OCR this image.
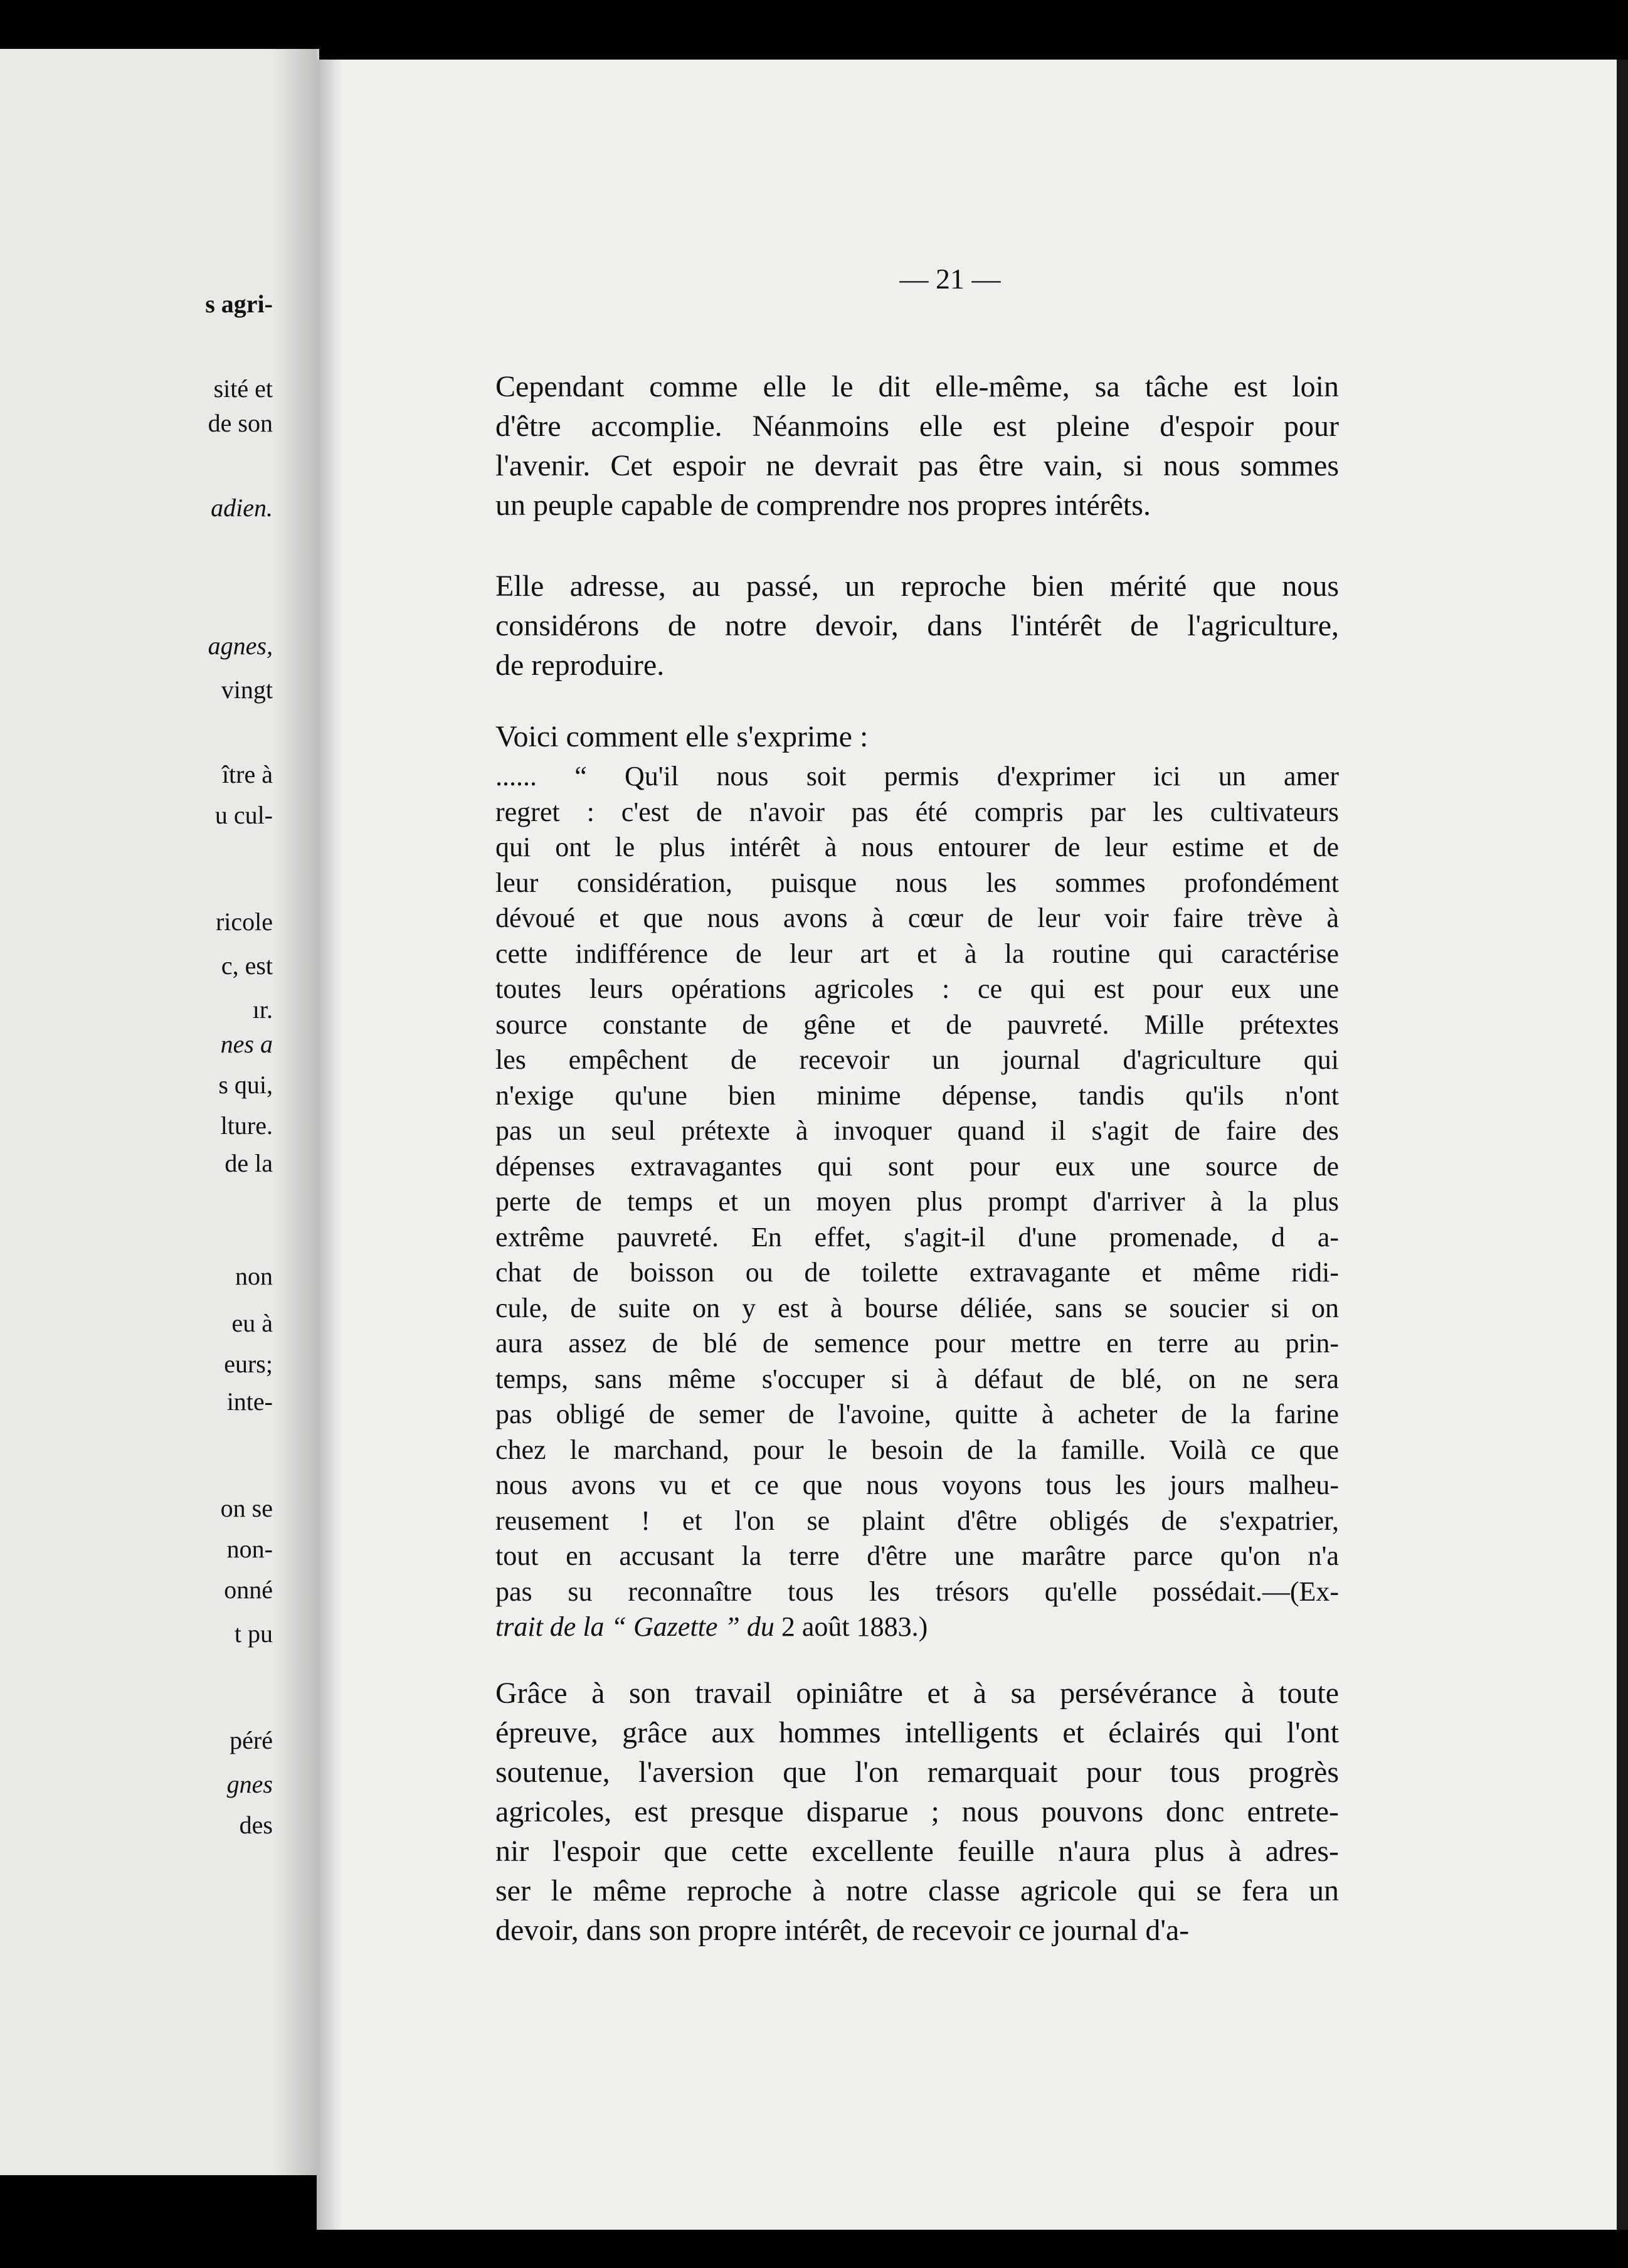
s agri-
sité et
de son
adien.
agnes,
vingt
ître à
u cul-
ricole
c, est
ır.
nes a
s qui,
lture.
de la
non
eu à
eurs;
inte-
on se
non-
onné
t pu
péré
gnes
des
— 21 —

Cependant comme elle le dit elle-même, sa tâche est loin
d'être accomplie. Néanmoins elle est pleine d'espoir pour
l'avenir. Cet espoir ne devrait pas être vain, si nous sommes
un peuple capable de comprendre nos propres intérêts.

Elle adresse, au passé, un reproche bien mérité que nous
considérons de notre devoir, dans l'intérêt de l'agriculture,
de reproduire.

Voici comment elle s'exprime :

...... “ Qu'il nous soit permis d'exprimer ici un amer
regret : c'est de n'avoir pas été compris par les cultivateurs
qui ont le plus intérêt à nous entourer de leur estime et de
leur considération, puisque nous les sommes profondément
dévoué et que nous avons à cœur de leur voir faire trève à
cette indifférence de leur art et à la routine qui caractérise
toutes leurs opérations agricoles : ce qui est pour eux une
source constante de gêne et de pauvreté. Mille prétextes
les empêchent de recevoir un journal d'agriculture qui
n'exige qu'une bien minime dépense, tandis qu'ils n'ont
pas un seul prétexte à invoquer quand il s'agit de faire des
dépenses extravagantes qui sont pour eux une source de
perte de temps et un moyen plus prompt d'arriver à la plus
extrême pauvreté. En effet, s'agit-il d'une promenade, d a-
chat de boisson ou de toilette extravagante et même ridi-
cule, de suite on y est à bourse déliée, sans se soucier si on
aura assez de blé de semence pour mettre en terre au prin-
temps, sans même s'occuper si à défaut de blé, on ne sera
pas obligé de semer de l'avoine, quitte à acheter de la farine
chez le marchand, pour le besoin de la famille. Voilà ce que
nous avons vu et ce que nous voyons tous les jours malheu-
reusement ! et l'on se plaint d'être obligés de s'expatrier,
tout en accusant la terre d'être une marâtre parce qu'on n'a
pas su reconnaître tous les trésors qu'elle possédait.—(Ex-
trait de la “ Gazette ” du 2 août 1883.)

Grâce à son travail opiniâtre et à sa persévérance à toute
épreuve, grâce aux hommes intelligents et éclairés qui l'ont
soutenue, l'aversion que l'on remarquait pour tous progrès
agricoles, est presque disparue ; nous pouvons donc entrete-
nir l'espoir que cette excellente feuille n'aura plus à adres-
ser le même reproche à notre classe agricole qui se fera un
devoir, dans son propre intérêt, de recevoir ce journal d'a-
